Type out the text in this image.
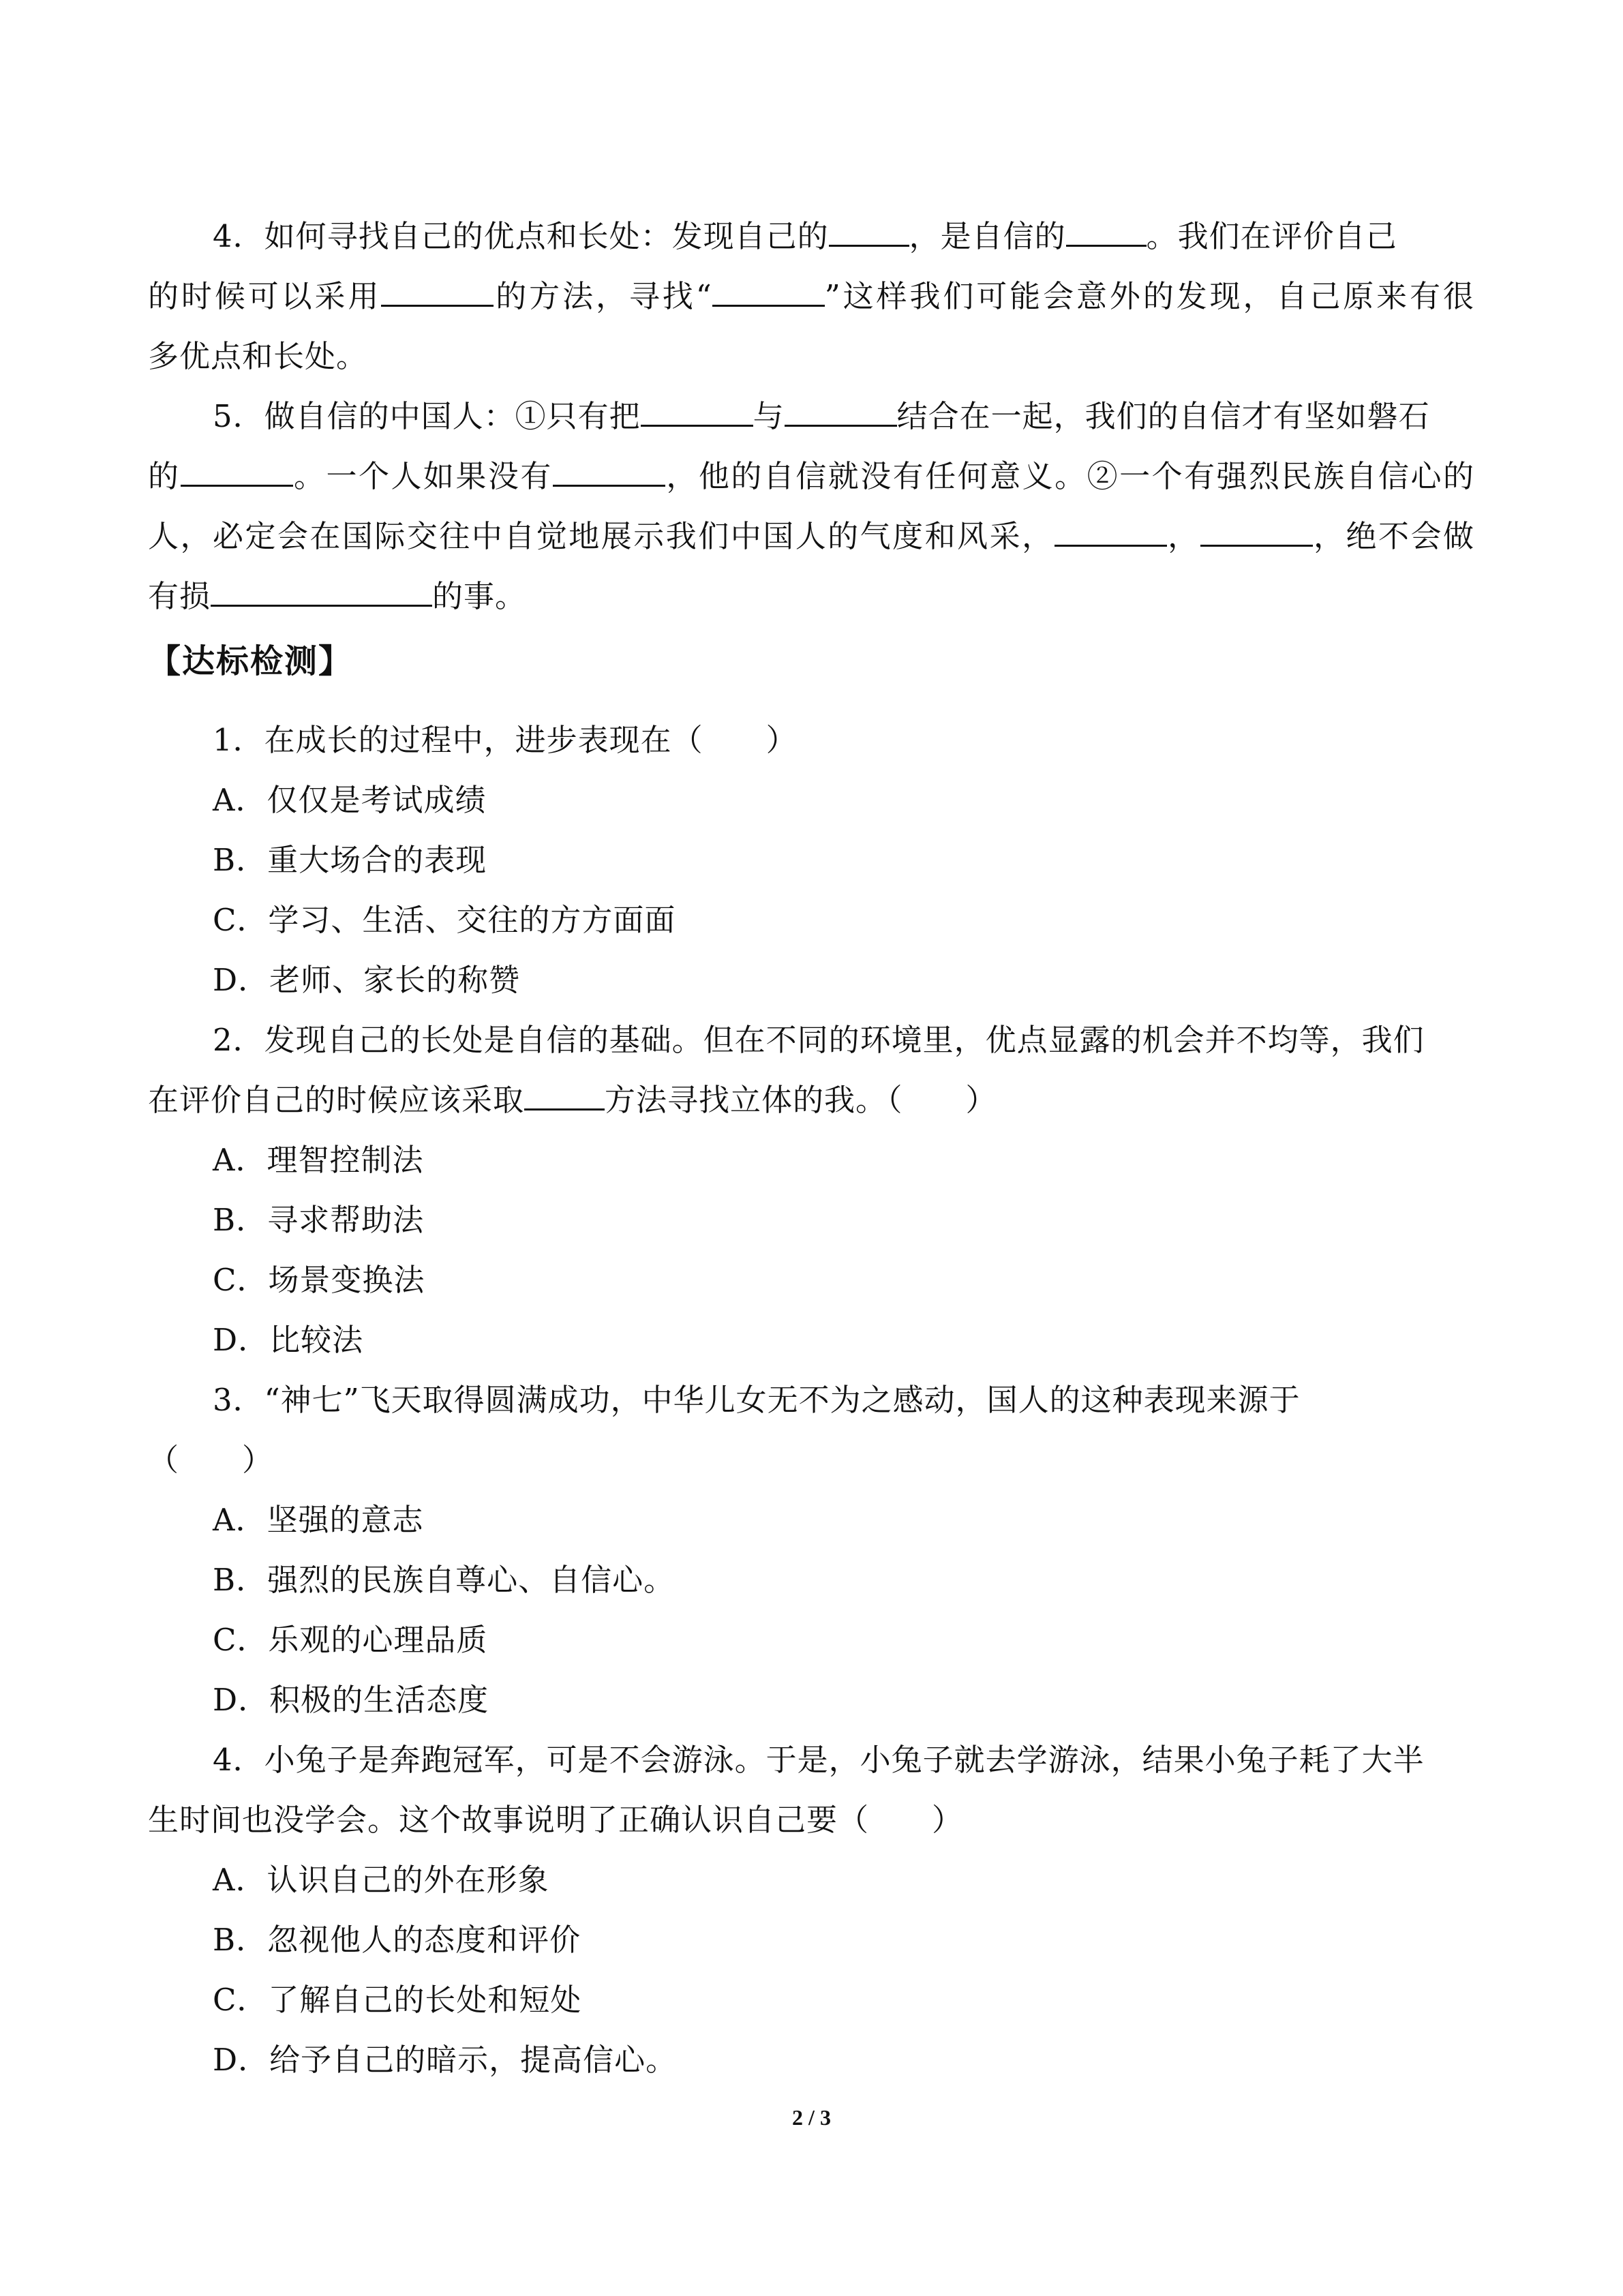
4．如何寻找自己的优点和长处：发现自己的	，是自信的	。我们在评价自己
的时候可以采用	的方法，寻找“	”这样我们可能会意外的发现，自己原来有很
多优点和长处。
5．做自信的中国人：①只有把	与	结合在一起，我们的自信才有坚如磐石
的	。一个人如果没有	，他的自信就没有任何意义。②一个有强烈民族自信心的
人，必定会在国际交往中自觉地展示我们中国人的气度和风采，	，	，绝不会做
有损	的事。
【达标检测】
1．在成长的过程中，进步表现在（　　）
A．仅仅是考试成绩
B．重大场合的表现
C．学习、生活、交往的方方面面
D．老师、家长的称赞
2．发现自己的长处是自信的基础。但在不同的环境里，优点显露的机会并不均等，我们
在评价自己的时候应该采取	方法寻找立体的我。（　　）
A．理智控制法
B．寻求帮助法
C．场景变换法
D．比较法
3．“神七”飞天取得圆满成功，中华儿女无不为之感动，国人的这种表现来源于
（　　）
A．坚强的意志
B．强烈的民族自尊心、自信心。
C．乐观的心理品质
D．积极的生活态度
4．小兔子是奔跑冠军，可是不会游泳。于是，小兔子就去学游泳，结果小兔子耗了大半
生时间也没学会。这个故事说明了正确认识自己要（　　）
A．认识自己的外在形象
B．忽视他人的态度和评价
C．了解自己的长处和短处
D．给予自己的暗示，提高信心。
2 / 3
